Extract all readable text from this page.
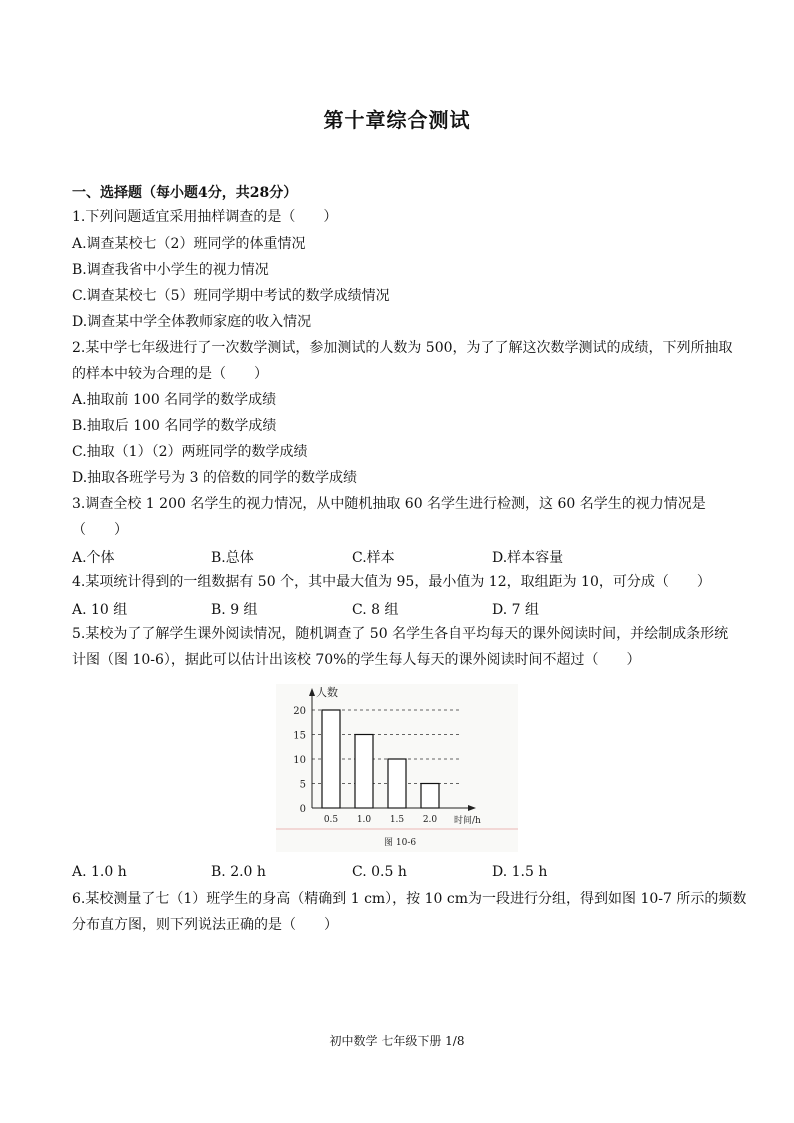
第十章综合测试
一、选择题（每小题4分，共28分）
1.下列问题适宜采用抽样调查的是（　　）
A.调查某校七（2）班同学的体重情况
B.调查我省中小学生的视力情况
C.调查某校七（5）班同学期中考试的数学成绩情况
D.调查某中学全体教师家庭的收入情况
2.某中学七年级进行了一次数学测试，参加测试的人数为 500，为了了解这次数学测试的成绩，下列所抽取
的样本中较为合理的是（　　）
A.抽取前 100 名同学的数学成绩
B.抽取后 100 名同学的数学成绩
C.抽取（1）（2）两班同学的数学成绩
D.抽取各班学号为 3 的倍数的同学的数学成绩
3.调查全校 1 200 名学生的视力情况，从中随机抽取 60 名学生进行检测，这 60 名学生的视力情况是
（　　）
A.个体	B.总体	C.样本	D.样本容量
4.某项统计得到的一组数据有 50 个，其中最大值为 95，最小值为 12，取组距为 10，可分成（　　）
A. 10 组	B. 9 组	C. 8 组	D. 7 组
5.某校为了了解学生课外阅读情况，随机调查了 50 名学生各自平均每天的课外阅读时间，并绘制成条形统
计图（图 10-6），据此可以估计出该校 70%的学生每人每天的课外阅读时间不超过（　　）
0
5
10
15
20
0.5 1.0 1.5 2.0
人数
时间/h
图 10-6
A. 1.0 h	B. 2.0 h	C. 0.5 h	D. 1.5 h
6.某校测量了七（1）班学生的身高（精确到 1 cm），按 10 cm为一段进行分组，得到如图 10-7 所示的频数
分布直方图，则下列说法正确的是（　　）
初中数学 七年级下册 1/8
